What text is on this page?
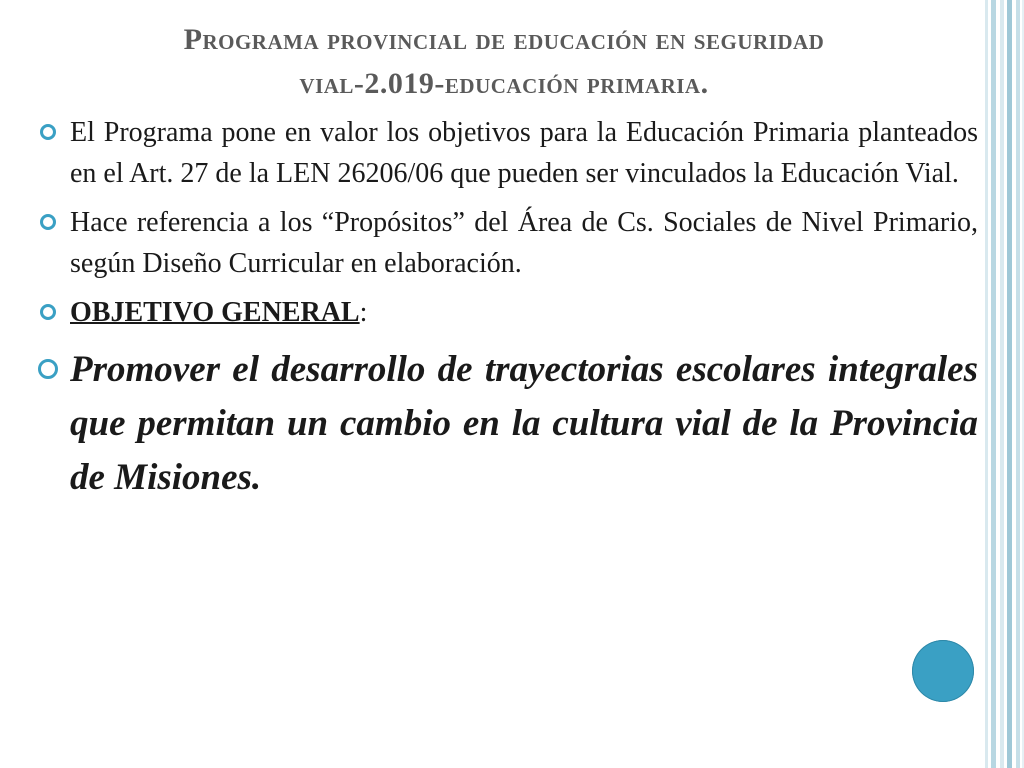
Programa provincial de educación en seguridad
vial-2.019-educación primaria.
El Programa pone en valor los objetivos para la Educación Primaria planteados en el Art. 27 de la LEN 26206/06 que pueden ser vinculados la Educación Vial.
Hace referencia a los “Propósitos” del Área de Cs. Sociales de Nivel Primario, según Diseño Curricular en elaboración.
OBJETIVO GENERAL:
Promover el desarrollo de trayectorias escolares integrales que permitan un cambio en la cultura vial de la Provincia de Misiones.
